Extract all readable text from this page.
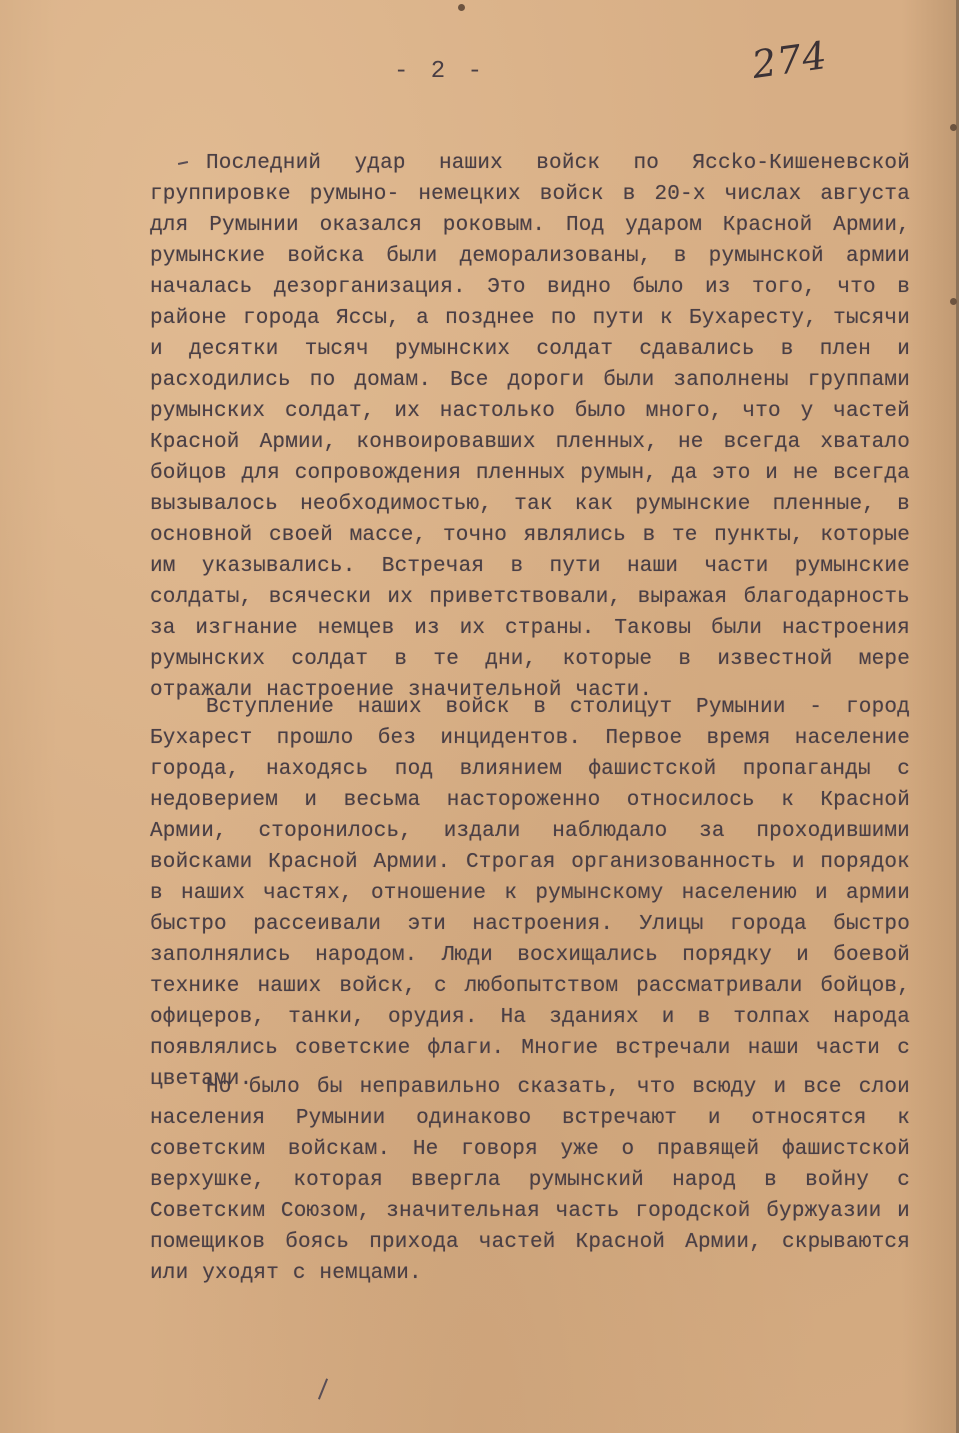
- 2 -	274

Последний удар наших войск по Яссko-Кишеневской группировке румыно- немецких войск в 20-х числах августа для Румынии оказался роковым. Под ударом Красной Армии, румынские войска были деморализованы, в румынской армии началась дезорганизация. Это видно было из того, что в районе города Яссы, а позднее по пути к Бухаресту, тысячи и десятки тысяч румынских солдат сдавались в плен и расходились по домам. Все дороги были заполнены группами румынских солдат, их настолько было много, что у частей Красной Армии, конвоировавших пленных, не всегда хватало бойцов для сопровождения пленных румын, да это и не всегда вызывалось необходимостью, так как румынские пленные, в основной своей массе, точно являлись в те пункты, которые им указывались. Встречая в пути наши части румынские солдаты, всячески их приветствовали, выражая благодарность за изгнание немцев из их страны. Таковы были настроения румынских солдат в те дни, которые в известной мере отражали настроение значительной части.

Вступление наших войск в столицут Румынии - город Бухарест прошло без инцидентов. Первое время население города, находясь под влиянием фашистской пропаганды с недоверием и весьма настороженно относилось к Красной Армии, сторонилось, издали наблюдало за проходившими войсками Красной Армии. Строгая организованность и порядок в наших частях, отношение к румынскому населению и армии быстро рассеивали эти настроения. Улицы города быстро заполнялись народом. Люди восхищались порядку и боевой технике наших войск, с любопытством рассматривали бойцов, офицеров, танки, орудия. На зданиях и в толпах народа появлялись советские флаги. Многие встречали наши части с цветами.

Но было бы неправильно сказать, что всюду и все слои населения Румынии одинаково встречают и относятся к советским войскам. Не говоря уже о правящей фашистской верхушке, которая ввергла румынский народ в войну с Советским Союзом, значительная часть городской буржуазии и помещиков боясь прихода частей Красной Армии, скрываются или уходят с немцами.
